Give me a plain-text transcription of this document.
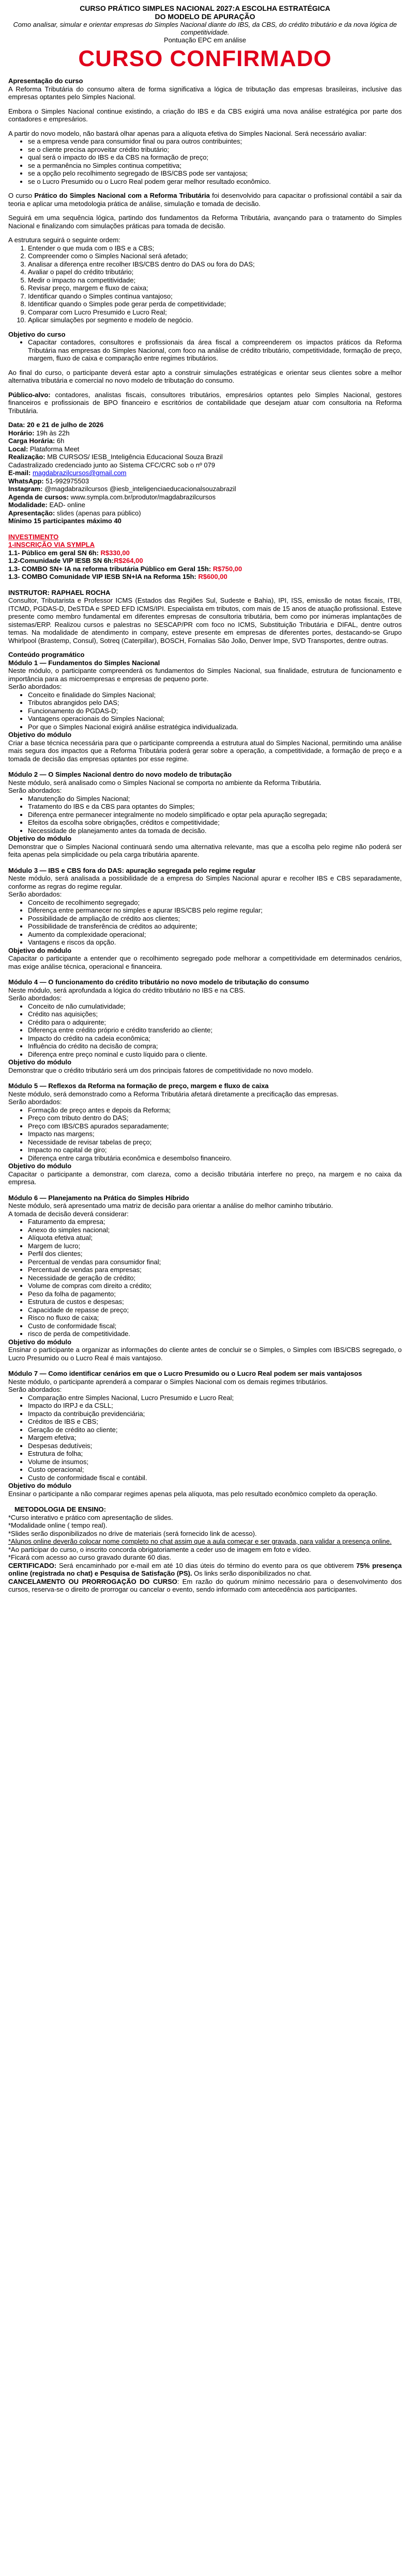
CURSO PRÁTICO SIMPLES NACIONAL 2027:A ESCOLHA ESTRATÉGICA

DO MODELO DE APURAÇÃO

Como analisar, simular e orientar empresas do Simples Nacional diante do IBS, da CBS, do crédito tributário e da nova lógica de competitividade.

Pontuação EPC em análise

CURSO CONFIRMADO

Apresentação do curso

A Reforma Tributária do consumo altera de forma significativa a lógica de tributação das empresas brasileiras, inclusive das empresas optantes pelo Simples Nacional.

Embora o Simples Nacional continue existindo, a criação do IBS e da CBS exigirá uma nova análise estratégica por parte dos contadores e empresários.

A partir do novo modelo, não bastará olhar apenas para a alíquota efetiva do Simples Nacional. Será necessário avaliar:

• se a empresa vende para consumidor final ou para outros contribuintes;
• se o cliente precisa aproveitar crédito tributário;
• qual será o impacto do IBS e da CBS na formação de preço;
• se a permanência no Simples continua competitiva;
• se a opção pelo recolhimento segregado de IBS/CBS pode ser vantajosa;
• se o Lucro Presumido ou o Lucro Real podem gerar melhor resultado econômico.

O curso Prático do Simples Nacional com a Reforma Tributária foi desenvolvido para capacitar o profissional contábil a sair da teoria e aplicar uma metodologia prática de análise, simulação e tomada de decisão.

Seguirá em uma sequência lógica, partindo dos fundamentos da Reforma Tributária, avançando para o tratamento do Simples Nacional e finalizando com simulações práticas para tomada de decisão.

A estrutura seguirá o seguinte ordem:

1. Entender o que muda com o IBS e a CBS;
2. Compreender como o Simples Nacional será afetado;
3. Analisar a diferença entre recolher IBS/CBS dentro do DAS ou fora do DAS;
4. Avaliar o papel do crédito tributário;
5. Medir o impacto na competitividade;
6. Revisar preço, margem e fluxo de caixa;
7. Identificar quando o Simples continua vantajoso;
8. Identificar quando o Simples pode gerar perda de competitividade;
9. Comparar com Lucro Presumido e Lucro Real;
10. Aplicar simulações por segmento e modelo de negócio.

Objetivo do curso

• Capacitar contadores, consultores e profissionais da área fiscal a compreenderem os impactos práticos da Reforma Tributária nas empresas do Simples Nacional, com foco na análise de crédito tributário, competitividade, formação de preço, margem, fluxo de caixa e comparação entre regimes tributários.

Ao final do curso, o participante deverá estar apto a construir simulações estratégicas e orientar seus clientes sobre a melhor alternativa tributária e comercial no novo modelo de tributação do consumo.

Público-alvo: contadores, analistas fiscais, consultores tributários, empresários optantes pelo Simples Nacional, gestores financeiros e profissionais de BPO financeiro e escritórios de contabilidade que desejam atuar com consultoria na Reforma Tributária.

Data: 20 e 21 de julho de 2026

Horário: 19h às 22h

Carga Horária: 6h

Local: Plataforma Meet

Realização: MB CURSOS/ IESB_Inteligência Educacional Souza Brazil

Cadastralizado credenciado junto ao Sistema CFC/CRC sob o nº 079

E-mail: magdabrazilcursos@gmail.com

WhatsApp: 51-992975503

Instagram: @magdabrazilcursos @iesb_inteligenciaeducacionalsouzabrazil

Agenda de cursos: www.sympla.com.br/produtor/magdabrazilcursos

Modalidade: EAD- online

Apresentação: slides (apenas para público)

Mínimo 15 participantes máximo 40

INVESTIMENTO

1-INSCRIÇÃO VIA SYMPLA

1.1- Público em geral SN 6h: R$330,00

1.2-Comunidade VIP IESB SN 6h:R$264,00

1.3- COMBO SN+ IA na reforma tributária Público em Geral 15h: R$750,00

1.3- COMBO Comunidade VIP IESB SN+IA na Reforma 15h: R$600,00

INSTRUTOR: RAPHAEL ROCHA

Consultor, Tributarista e Professor ICMS (Estados das Regiões Sul, Sudeste e Bahia), IPI, ISS, emissão de notas fiscais, ITBI, ITCMD, PGDAS-D, DeSTDA e SPED EFD ICMS/IPI. Especialista em tributos, com mais de 15 anos de atuação profissional. Esteve presente como membro fundamental em diferentes empresas de consultoria tributária, bem como por inúmeras implantações de sistemas/ERP. Realizou cursos e palestras no SESCAP/PR com foco no ICMS, Substituição Tributária e DIFAL, dentre outros temas. Na modalidade de atendimento in company, esteve presente em empresas de diferentes portes, destacando-se Grupo Whirlpool (Brastemp, Consul), Sotreq (Caterpillar), BOSCH, Fornalias São João, Denver Impe, SVD Transportes, dentre outras.

Conteúdo programático

Módulo 1 — Fundamentos do Simples Nacional

Neste módulo, o participante compreenderá os fundamentos do Simples Nacional, sua finalidade, estrutura de funcionamento e importância para as microempresas e empresas de pequeno porte.

Serão abordados:

• Conceito e finalidade do Simples Nacional;
• Tributos abrangidos pelo DAS;
• Funcionamento do PGDAS-D;
• Vantagens operacionais do Simples Nacional;
• Por que o Simples Nacional exigirá análise estratégica individualizada.

Objetivo do módulo

Criar a base técnica necessária para que o participante compreenda a estrutura atual do Simples Nacional, permitindo uma análise mais segura dos impactos que a Reforma Tributária poderá gerar sobre a operação, a competitividade, a formação de preço e a tomada de decisão das empresas optantes por esse regime.

Módulo 2 — O Simples Nacional dentro do novo modelo de tributação

Neste módulo, será analisado como o Simples Nacional se comporta no ambiente da Reforma Tributária.

Serão abordados:

• Manutenção do Simples Nacional;
• Tratamento do IBS e da CBS para optantes do Simples;
• Diferença entre permanecer integralmente no modelo simplificado e optar pela apuração segregada;
• Efeitos da escolha sobre obrigações, créditos e competitividade;
• Necessidade de planejamento antes da tomada de decisão.

Objetivo do módulo

Demonstrar que o Simples Nacional continuará sendo uma alternativa relevante, mas que a escolha pelo regime não poderá ser feita apenas pela simplicidade ou pela carga tributária aparente.

Módulo 3 — IBS e CBS fora do DAS: apuração segregada pelo regime regular

Neste módulo, será analisada a possibilidade de a empresa do Simples Nacional apurar e recolher IBS e CBS separadamente, conforme as regras do regime regular.

Serão abordados:

• Conceito de recolhimento segregado;
• Diferença entre permanecer no simples e apurar IBS/CBS pelo regime regular;
• Possibilidade de ampliação de crédito aos clientes;
• Possibilidade de transferência de créditos ao adquirente;
• Aumento da complexidade operacional;
• Vantagens e riscos da opção.

Objetivo do módulo

Capacitar o participante a entender que o recolhimento segregado pode melhorar a competitividade em determinados cenários, mas exige análise técnica, operacional e financeira.

Módulo 4 — O funcionamento do crédito tributário no novo modelo de tributação do consumo

Neste módulo, será aprofundada a lógica do crédito tributário no IBS e na CBS.

Serão abordados:

• Conceito de não cumulatividade;
• Crédito nas aquisições;
• Crédito para o adquirente;
• Diferença entre crédito próprio e crédito transferido ao cliente;
• Impacto do crédito na cadeia econômica;
• Influência do crédito na decisão de compra;
• Diferença entre preço nominal e custo líquido para o cliente.

Objetivo do módulo

Demonstrar que o crédito tributário será um dos principais fatores de competitividade no novo modelo.

Módulo 5 — Reflexos da Reforma na formação de preço, margem e fluxo de caixa

Neste módulo, será demonstrado como a Reforma Tributária afetará diretamente a precificação das empresas.

Serão abordados:

• Formação de preço antes e depois da Reforma;
• Preço com tributo dentro do DAS;
• Preço com IBS/CBS apurados separadamente;
• Impacto nas margens;
• Necessidade de revisar tabelas de preço;
• Impacto no capital de giro;
• Diferença entre carga tributária econômica e desembolso financeiro.

Objetivo do módulo

Capacitar o participante a demonstrar, com clareza, como a decisão tributária interfere no preço, na margem e no caixa da empresa.

Módulo 6 — Planejamento na Prática do Simples Híbrido

Neste módulo, será apresentado uma matriz de decisão para orientar a análise do melhor caminho tributário.

A tomada de decisão deverá considerar:

• Faturamento da empresa;
• Anexo do simples nacional;
• Alíquota efetiva atual;
• Margem de lucro;
• Perfil dos clientes;
• Percentual de vendas para consumidor final;
• Percentual de vendas para empresas;
• Necessidade de geração de crédito;
• Volume de compras com direito a crédito;
• Peso da folha de pagamento;
• Estrutura de custos e despesas;
• Capacidade de repasse de preço;
• Risco no fluxo de caixa;
• Custo de conformidade fiscal;
• risco de perda de competitividade.

Objetivo do módulo

Ensinar o participante a organizar as informações do cliente antes de concluir se o Simples, o Simples com IBS/CBS segregado, o Lucro Presumido ou o Lucro Real é mais vantajoso.

Módulo 7 — Como identificar cenários em que o Lucro Presumido ou o Lucro Real podem ser mais vantajosos

Neste módulo, o participante aprenderá a comparar o Simples Nacional com os demais regimes tributários.

Serão abordados:

• Comparação entre Simples Nacional, Lucro Presumido e Lucro Real;
• Impacto do IRPJ e da CSLL;
• Impacto da contribuição previdenciária;
• Créditos de IBS e CBS;
• Geração de crédito ao cliente;
• Margem efetiva;
• Despesas dedutíveis;
• Estrutura de folha;
• Volume de insumos;
• Custo operacional;
• Custo de conformidade fiscal e contábil.

Objetivo do módulo

Ensinar o participante a não comparar regimes apenas pela alíquota, mas pelo resultado econômico completo da operação.

METODOLOGIA DE ENSINO:

*Curso interativo e prático com apresentação de slides.

*Modalidade online ( tempo real).

*Slides serão disponibilizados no drive de materiais (será fornecido link de acesso).

*Alunos online deverão colocar nome completo no chat assim que a aula começar e ser gravada, para validar a presença online.

*Ao participar do curso, o inscrito concorda obrigatoriamente a ceder uso de imagem em foto e vídeo.

*Ficará com acesso ao curso gravado durante 60 dias.

CERTIFICADO: Será encaminhado por e-mail em até 10 dias úteis do término do evento para os que obtiverem 75% presença online (registrada no chat) e Pesquisa de Satisfação (PS). Os links serão disponibilizados no chat.

CANCELAMENTO OU PRORROGAÇÃO DO CURSO: Em razão do quórum mínimo necessário para o desenvolvimento dos cursos, reserva-se o direito de prorrogar ou cancelar o evento, sendo informado com antecedência aos participantes.
